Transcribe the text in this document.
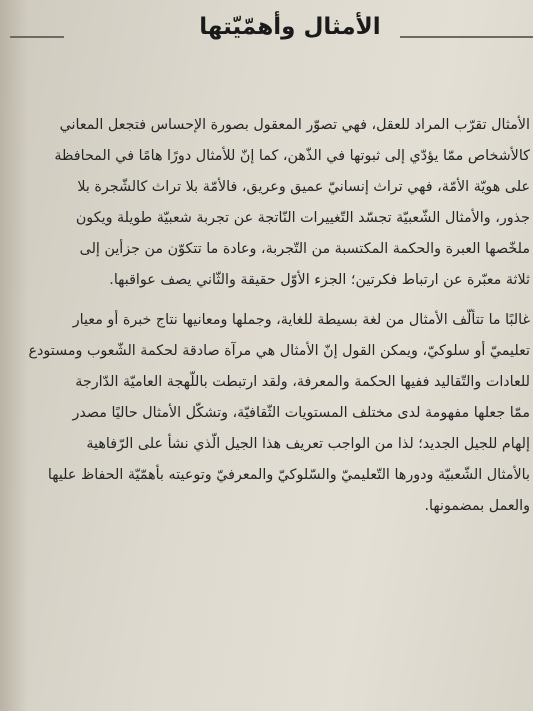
الأمثال وأهمّيّتها
الأمثال تقرّب المراد للعقل، فهي تصوّر المعقول بصورة الإحساس فتجعل المعاني
كالأشخاص ممّا يؤدّي إلى ثبوتها في الذّهن، كما إنّ للأمثال دورًا هامًا في المحافظة
على هويّة الأمّة، فهي تراث إنسانيّ عميق وعريق، فالأمّة بلا تراث كالشّجرة بلا
جذور، والأمثال الشّعبيّة تجسّد التّغييرات النّاتجة عن تجربة شعبيّة طويلة ويكون
ملخّصها العبرة والحكمة المكتسبة من التّجربة، وعادة ما تتكوّن من جزأين إلى
ثلاثة معبّرة عن ارتباط فكرتين؛ الجزء الأوّل حقيقة والثّاني يصف عواقبها.
غالبًا ما تتألّف الأمثال من لغة بسيطة للغاية، وجملها ومعانيها نتاج خبرة أو معيار
تعليميّ أو سلوكيّ، ويمكن القول إنّ الأمثال هي مرآة صادقة لحكمة الشّعوب ومستودع
للعادات والتّقاليد ففيها الحكمة والمعرفة، ولقد ارتبطت باللّهجة العاميّة الدّارجة
ممّا جعلها مفهومة لدى مختلف المستويات الثّقافيّة، وتشكّل الأمثال حاليًا مصدر
إلهام للجيل الجديد؛ لذا من الواجب تعريف هذا الجيل الّذي نشأ على الرّفاهية
بالأمثال الشّعبيّة ودورها التّعليميّ والسّلوكيّ والمعرفيّ وتوعيته بأهمّيّة الحفاظ عليها
والعمل بمضمونها.
